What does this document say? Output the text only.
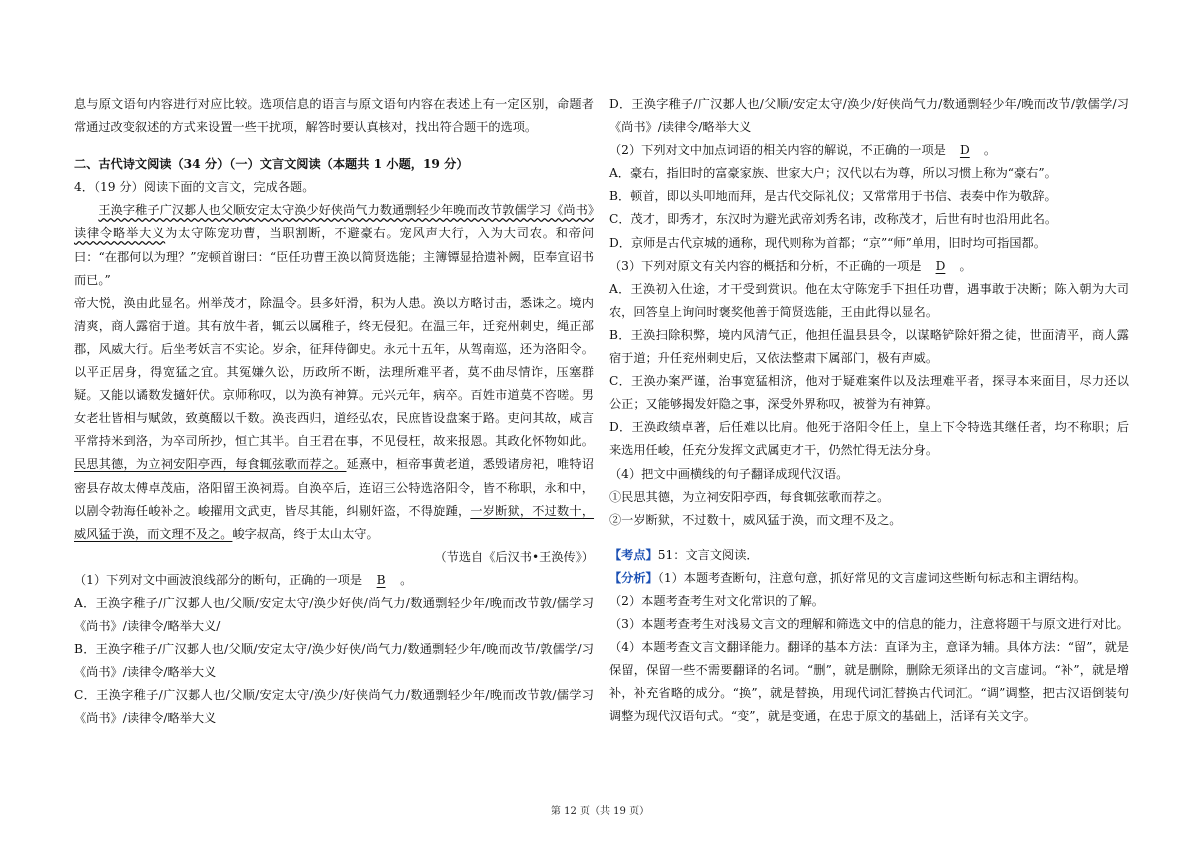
息与原文语句内容进行对应比较。选项信息的语言与原文语句内容在表述上有一定区别，命题者常通过改变叙述的方式来设置一些干扰项，解答时要认真核对，找出符合题干的选项。

二、古代诗文阅读（34 分）（一）文言文阅读（本题共 1 小题，19 分）

4．（19 分）阅读下面的文言文，完成各题。

王涣字稚子广汉郪人也父顺安定太守涣少好侠尚气力数通剽轻少年晚而改节敦儒学习《尚书》读律令略举大义为太守陈宠功曹，当职割断，不避豪右。宠风声大行，入为大司农。和帝问曰：“在郡何以为理？”宠顿首谢曰：“臣任功曹王涣以简贤选能；主簿镡显拾遗补阙，臣奉宣诏书而已。”

帝大悦，涣由此显名。州举茂才，除温令。县多奸滑，积为人患。涣以方略讨击，悉诛之。境内清爽，商人露宿于道。其有放牛者，辄云以属稚子，终无侵犯。在温三年，迁兖州刺史，绳正部郡，风威大行。后坐考妖言不实论。岁余，征拜侍御史。永元十五年，从驾南巡，还为洛阳令。以平正居身，得宽猛之宜。其冤嫌久讼，历政所不断，法理所难平者，莫不曲尽情诈，压塞群疑。又能以谲数发擿奸伏。京师称叹，以为涣有神算。元兴元年，病卒。百姓市道莫不咨嗟。男女老壮皆相与赋敛，致奠醊以千数。涣丧西归，道经弘农，民庶皆设盘案于路。吏问其故，咸言平常持米到洛，为卒司所抄，恒亡其半。自王君在事，不见侵枉，故来报恩。其政化怀物如此。民思其德，为立祠安阳亭西，每食辄弦歌而荐之。延熹中，桓帝事黄老道，悉毁诸房祀，唯特诏密县存故太傅卓茂庙，洛阳留王涣祠焉。自涣卒后，连诏三公特选洛阳令，皆不称职，永和中，以剧令勃海任峻补之。峻擢用文武吏，皆尽其能，纠剔奸盗，不得旋踵，一岁断狱，不过数十，威风猛于涣，而文理不及之。峻字叔高，终于太山太守。

（节选自《后汉书•王涣传》）

（1）下列对文中画波浪线部分的断句，正确的一项是 B 。

A．王涣字稚子/广汉郪人也/父顺/安定太守/涣少好侠/尚气力/数通剽轻少年/晚而改节敦/儒学习《尚书》/读律令/略举大义/

B．王涣字稚子/广汉郪人也/父顺/安定太守/涣少好侠/尚气力/数通剽轻少年/晚而改节/敦儒学/习《尚书》/读律令/略举大义

C．王涣字稚子/广汉郪人也/父顺/安定太守/涣少/好侠尚气力/数通剽轻少年/晚而改节敦/儒学习《尚书》/读律令/略举大义

D．王涣字稚子/广汉郪人也/父顺/安定太守/涣少/好侠尚气力/数通剽轻少年/晚而改节/敦儒学/习《尚书》/读律令/略举大义

（2）下列对文中加点词语的相关内容的解说，不正确的一项是 D 。

A．豪右，指旧时的富豪家族、世家大户；汉代以右为尊，所以习惯上称为“豪右”。

B．顿首，即以头叩地而拜，是古代交际礼仪；又常常用于书信、表奏中作为敬辞。

C．茂才，即秀才，东汉时为避光武帝刘秀名讳，改称茂才，后世有时也沿用此名。

D．京师是古代京城的通称，现代则称为首都；“京”“师”单用，旧时均可指国都。

（3）下列对原文有关内容的概括和分析，不正确的一项是 D 。

A．王涣初入仕途，才干受到赏识。他在太守陈宠手下担任功曹，遇事敢于决断；陈入朝为大司农，回答皇上询问时褒奖他善于简贤选能，王由此得以显名。

B．王涣扫除积弊，境内风清气正，他担任温县县令，以谋略铲除奸猾之徒，世面清平，商人露宿于道；升任兖州刺史后，又依法整肃下属部门，极有声威。

C．王涣办案严谨，治事宽猛相济，他对于疑难案件以及法理难平者，探寻本来面目，尽力还以公正；又能够揭发奸隐之事，深受外界称叹，被誉为有神算。

D．王涣政绩卓著，后任难以比肩。他死于洛阳令任上，皇上下令特选其继任者，均不称职；后来选用任峻，任充分发挥文武属吏才干，仍然忙得无法分身。

（4）把文中画横线的句子翻译成现代汉语。

①民思其德，为立祠安阳亭西，每食辄弦歌而荐之。

②一岁断狱，不过数十，威风猛于涣，而文理不及之。

【考点】51：文言文阅读．

【分析】（1）本题考查断句，注意句意，抓好常见的文言虚词这些断句标志和主谓结构。

（2）本题考查考生对文化常识的了解。

（3）本题考查考生对浅易文言文的理解和筛选文中的信息的能力，注意将题干与原文进行对比。

（4）本题考查文言文翻译能力。翻译的基本方法：直译为主，意译为辅。具体方法：“留”，就是保留，保留一些不需要翻译的名词。“删”，就是删除，删除无须译出的文言虚词。“补”，就是增补，补充省略的成分。“换”，就是替换，用现代词汇替换古代词汇。“调”调整，把古汉语倒装句调整为现代汉语句式。“变”，就是变通，在忠于原文的基础上，活译有关文字。

第 12 页（共 19 页）
